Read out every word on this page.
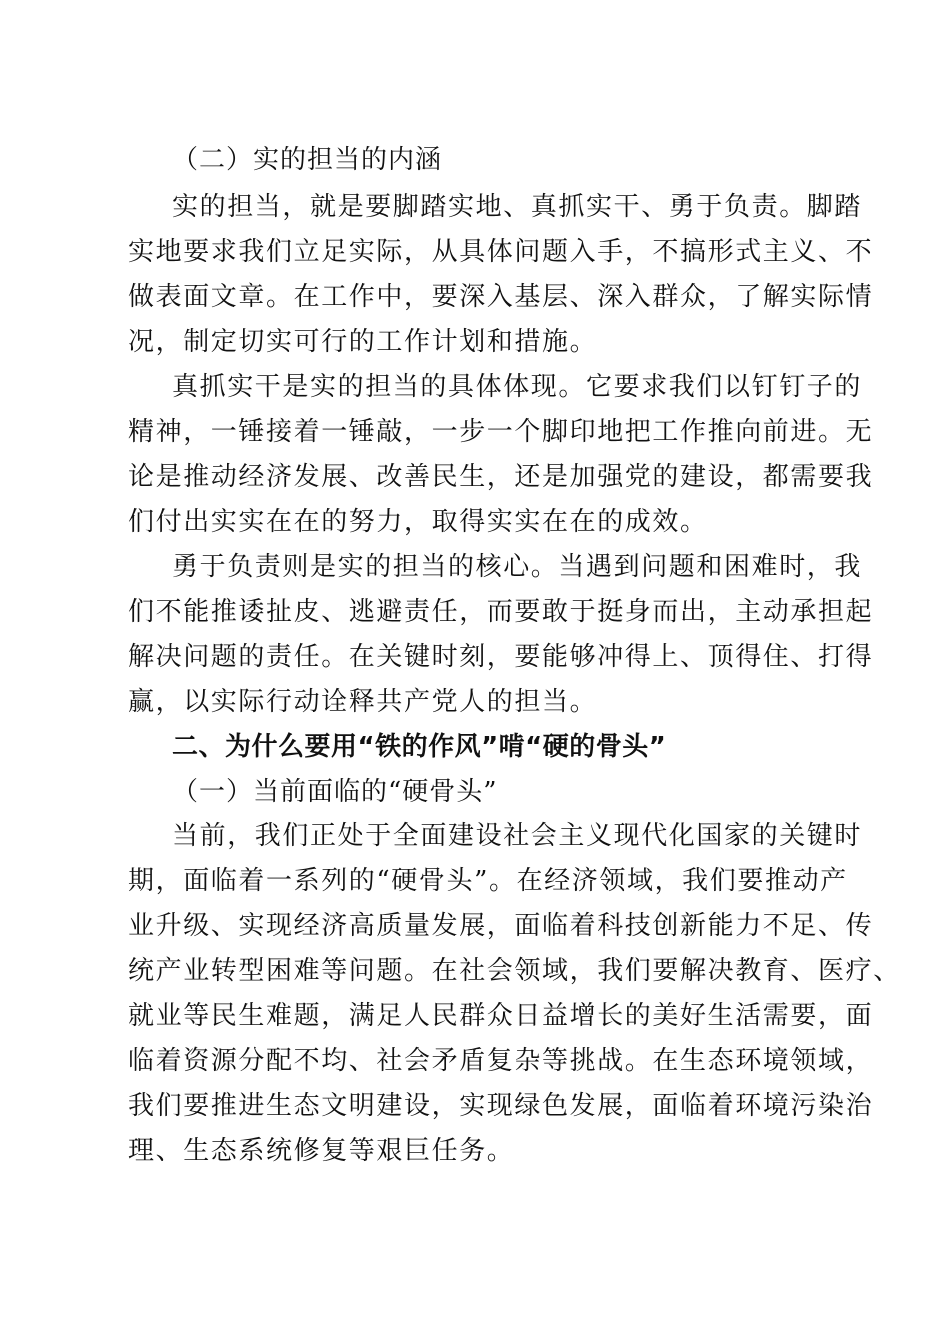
（二）实的担当的内涵
实的担当，就是要脚踏实地、真抓实干、勇于负责。脚踏
实地要求我们立足实际，从具体问题入手，不搞形式主义、不
做表面文章。在工作中，要深入基层、深入群众，了解实际情
况，制定切实可行的工作计划和措施。
真抓实干是实的担当的具体体现。它要求我们以钉钉子的
精神，一锤接着一锤敲，一步一个脚印地把工作推向前进。无
论是推动经济发展、改善民生，还是加强党的建设，都需要我
们付出实实在在的努力，取得实实在在的成效。
勇于负责则是实的担当的核心。当遇到问题和困难时，我
们不能推诿扯皮、逃避责任，而要敢于挺身而出，主动承担起
解决问题的责任。在关键时刻，要能够冲得上、顶得住、打得
赢，以实际行动诠释共产党人的担当。
二、为什么要用“铁的作风”啃“硬的骨头”
（一）当前面临的“硬骨头”
当前，我们正处于全面建设社会主义现代化国家的关键时
期，面临着一系列的“硬骨头”。在经济领域，我们要推动产
业升级、实现经济高质量发展，面临着科技创新能力不足、传
统产业转型困难等问题。在社会领域，我们要解决教育、医疗、
就业等民生难题，满足人民群众日益增长的美好生活需要，面
临着资源分配不均、社会矛盾复杂等挑战。在生态环境领域，
我们要推进生态文明建设，实现绿色发展，面临着环境污染治
理、生态系统修复等艰巨任务。
